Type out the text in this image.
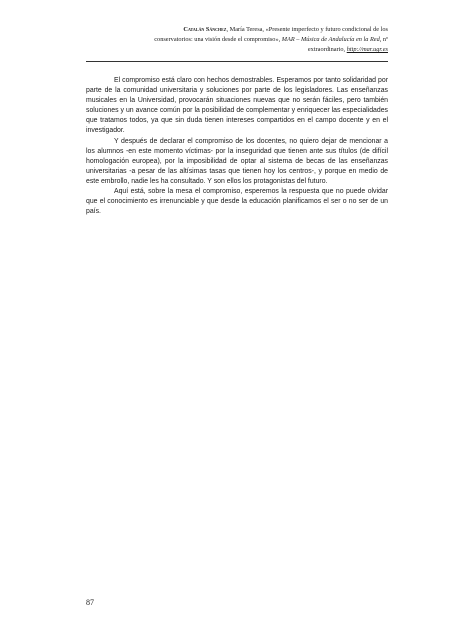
Catalán Sánchez, María Teresa, «Presente imperfecto y futuro condicional de los
conservatorios: una visión desde el compromiso», MAR – Música de Andalucía en la Red, nº
extraordinario, http://mar.ugr.es

El compromiso está claro con hechos demostrables. Esperamos por tanto solidaridad por parte de la comunidad universitaria y soluciones por parte de los legisladores. Las enseñanzas musicales en la Universidad, provocarán situaciones nuevas que no serán fáciles, pero también soluciones y un avance común por la posibilidad de complementar y enriquecer las especialidades que tratamos todos, ya que sin duda tienen intereses compartidos en el campo docente y en el investigador.

Y después de declarar el compromiso de los docentes, no quiero dejar de mencionar a los alumnos -en este momento víctimas- por la inseguridad que tienen ante sus títulos (de difícil homologación europea), por la imposibilidad de optar al sistema de becas de las enseñanzas universitarias -a pesar de las altísimas tasas que tienen hoy los centros-, y porque en medio de este embrollo, nadie les ha consultado. Y son ellos los protagonistas del futuro.

Aquí está, sobre la mesa el compromiso, esperemos la respuesta que no puede olvidar que el conocimiento es irrenunciable y que desde la educación planificamos el ser o no ser de un país.

87
